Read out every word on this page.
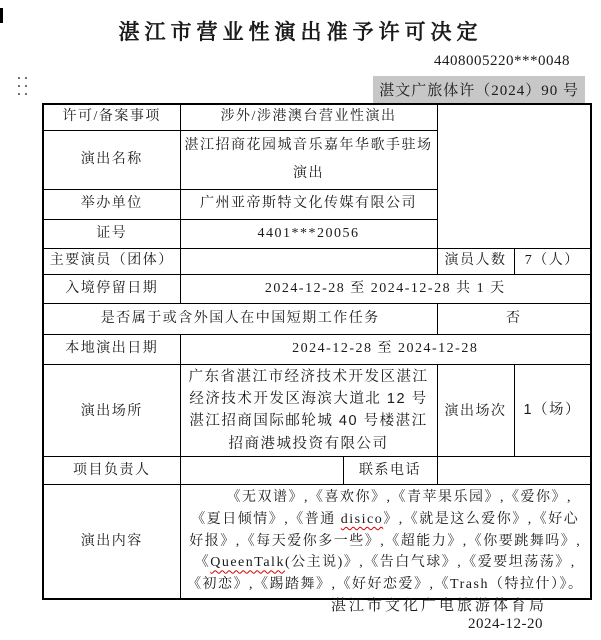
湛江市营业性演出准予许可决定
4408005220***0048
湛文广旅体许（2024）90 号
许可/备案事项	涉外/涉港澳台营业性演出			
演出名称	湛江招商花园城音乐嘉年华歌手驻场演出			
举办单位	广州亚帝斯特文化传媒有限公司			
证号	4401***20056			
主要演员（团体）			演员人数	7（人）
入境停留日期	2024-12-28 至 2024-12-28 共 1 天			
是否属于或含外国人在中国短期工作任务			否	
本地演出日期	2024-12-28 至 2024-12-28			
演出场所	广东省湛江市经济技术开发区湛江经济技术开发区海滨大道北 12 号湛江招商国际邮轮城 40 号楼湛江招商港城投资有限公司		演出场次	1（场）
项目负责人		联系电话		
演出内容	《无双谱》,《喜欢你》,《青苹果乐园》,《爱你》,《夏日倾情》,《普通 disico》,《就是这么爱你》,《好心好报》,《每天爱你多一些》,《超能力》,《你要跳舞吗》,《QueenTalk(公主说)》,《告白气球》,《爱要坦荡荡》,《初恋》,《踢踏舞》,《好好恋爱》,《Trash（特拉什）》。			
湛江市文化广电旅游体育局
2024-12-20
